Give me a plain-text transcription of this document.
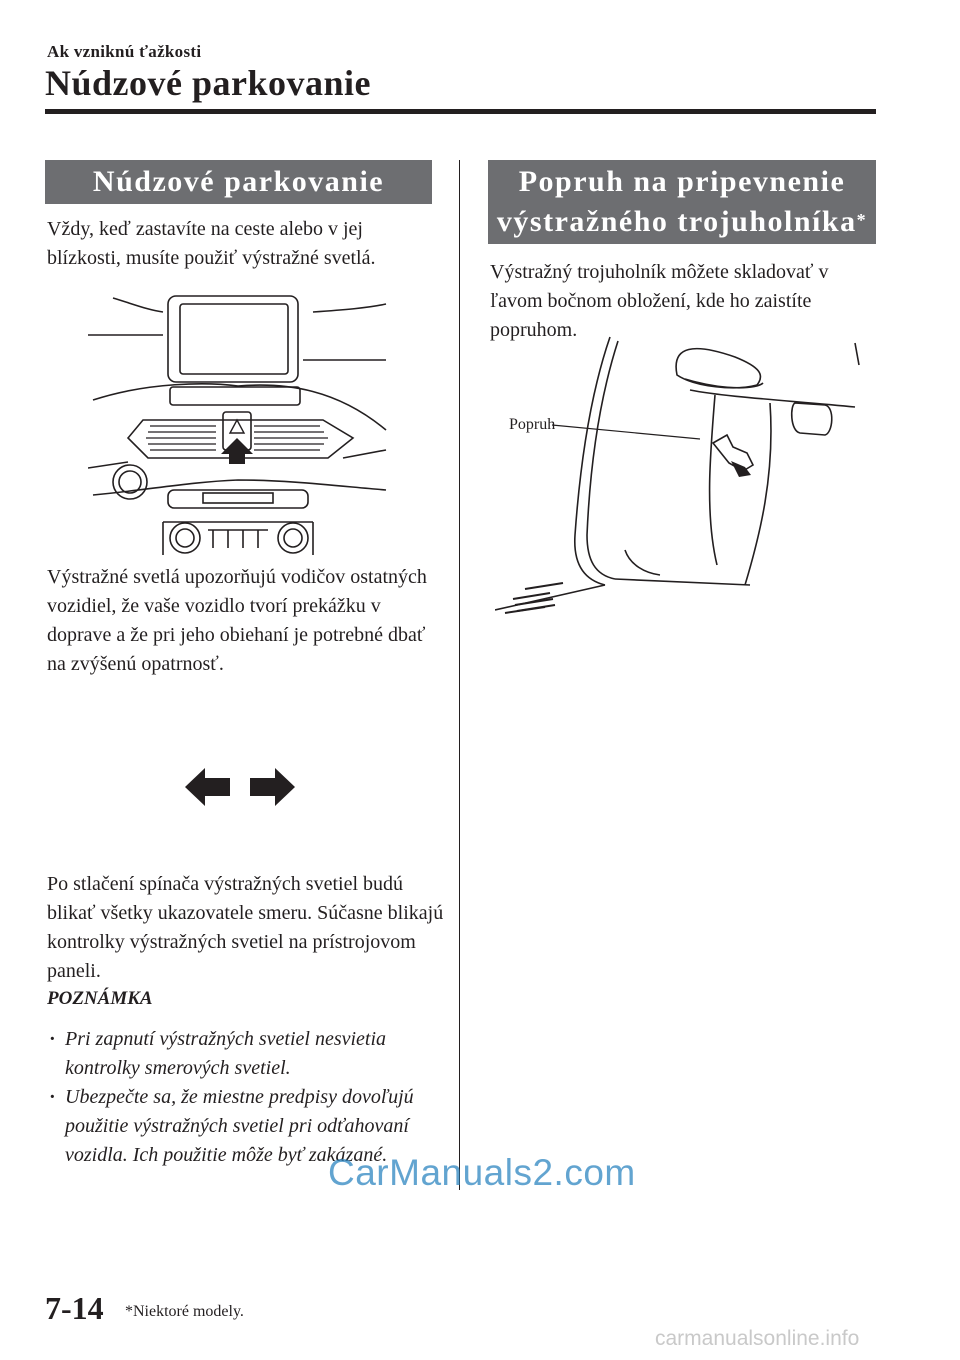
Ak vzniknú ťažkosti
Núdzové parkovanie
Núdzové parkovanie
Vždy, keď zastavíte na ceste alebo v jej blízkosti, musíte použiť výstražné svetlá.
Výstražné svetlá upozorňujú vodičov ostatných vozidiel, že vaše vozidlo tvorí prekážku v doprave a že pri jeho obiehaní je potrebné dbať na zvýšenú opatrnosť.
Po stlačení spínača výstražných svetiel budú blikať všetky ukazovatele smeru. Súčasne blikajú kontrolky výstražných svetiel na prístrojovom paneli.
POZNÁMKA
· Pri zapnutí výstražných svetiel nesvietia kontrolky smerových svetiel.
· Ubezpečte sa, že miestne predpisy dovoľujú použitie výstražných svetiel pri odťahovaní vozidla. Ich použitie môže byť zakázané.
Popruh na pripevnenie
výstražného trojuholníka*
Výstražný trojuholník môžete skladovať v ľavom bočnom obložení, kde ho zaistíte popruhom.
Popruh
CarManuals2.com
7-14 *Niektoré modely.
carmanualsonline.info
